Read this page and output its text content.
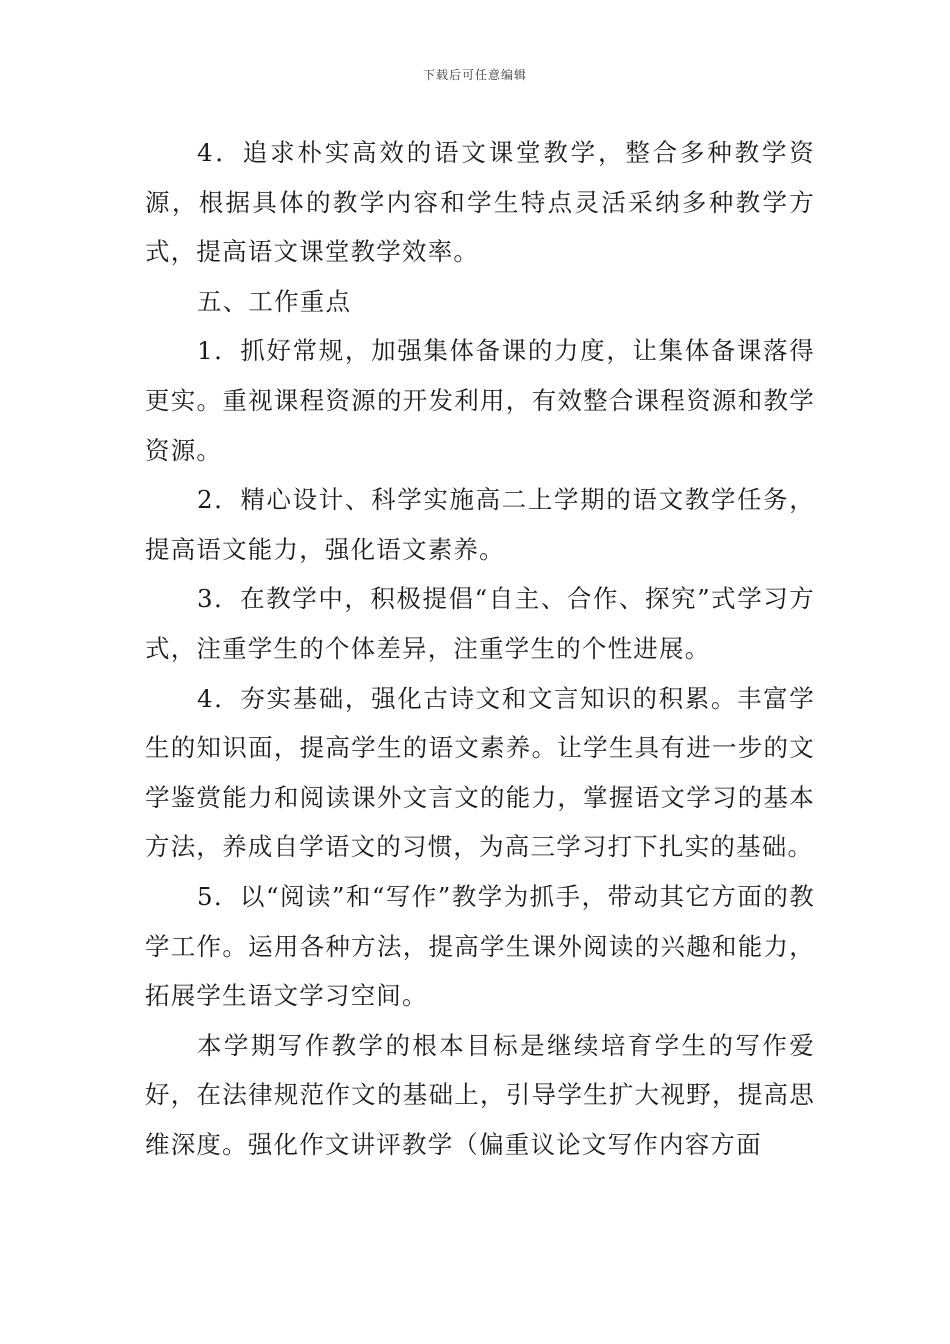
下载后可任意编辑

4．追求朴实高效的语文课堂教学，整合多种教学资源，根据具体的教学内容和学生特点灵活采纳多种教学方式，提高语文课堂教学效率。

五、工作重点

1．抓好常规，加强集体备课的力度，让集体备课落得更实。重视课程资源的开发利用，有效整合课程资源和教学资源。

2．精心设计、科学实施高二上学期的语文教学任务，提高语文能力，强化语文素养。

3．在教学中，积极提倡“自主、合作、探究”式学习方式，注重学生的个体差异，注重学生的个性进展。

4．夯实基础，强化古诗文和文言知识的积累。丰富学生的知识面，提高学生的语文素养。让学生具有进一步的文学鉴赏能力和阅读课外文言文的能力，掌握语文学习的基本方法，养成自学语文的习惯，为高三学习打下扎实的基础。

5．以“阅读”和“写作”教学为抓手，带动其它方面的教学工作。运用各种方法，提高学生课外阅读的兴趣和能力，拓展学生语文学习空间。

本学期写作教学的根本目标是继续培育学生的写作爱好，在法律规范作文的基础上，引导学生扩大视野，提高思维深度。强化作文讲评教学（偏重议论文写作内容方面
